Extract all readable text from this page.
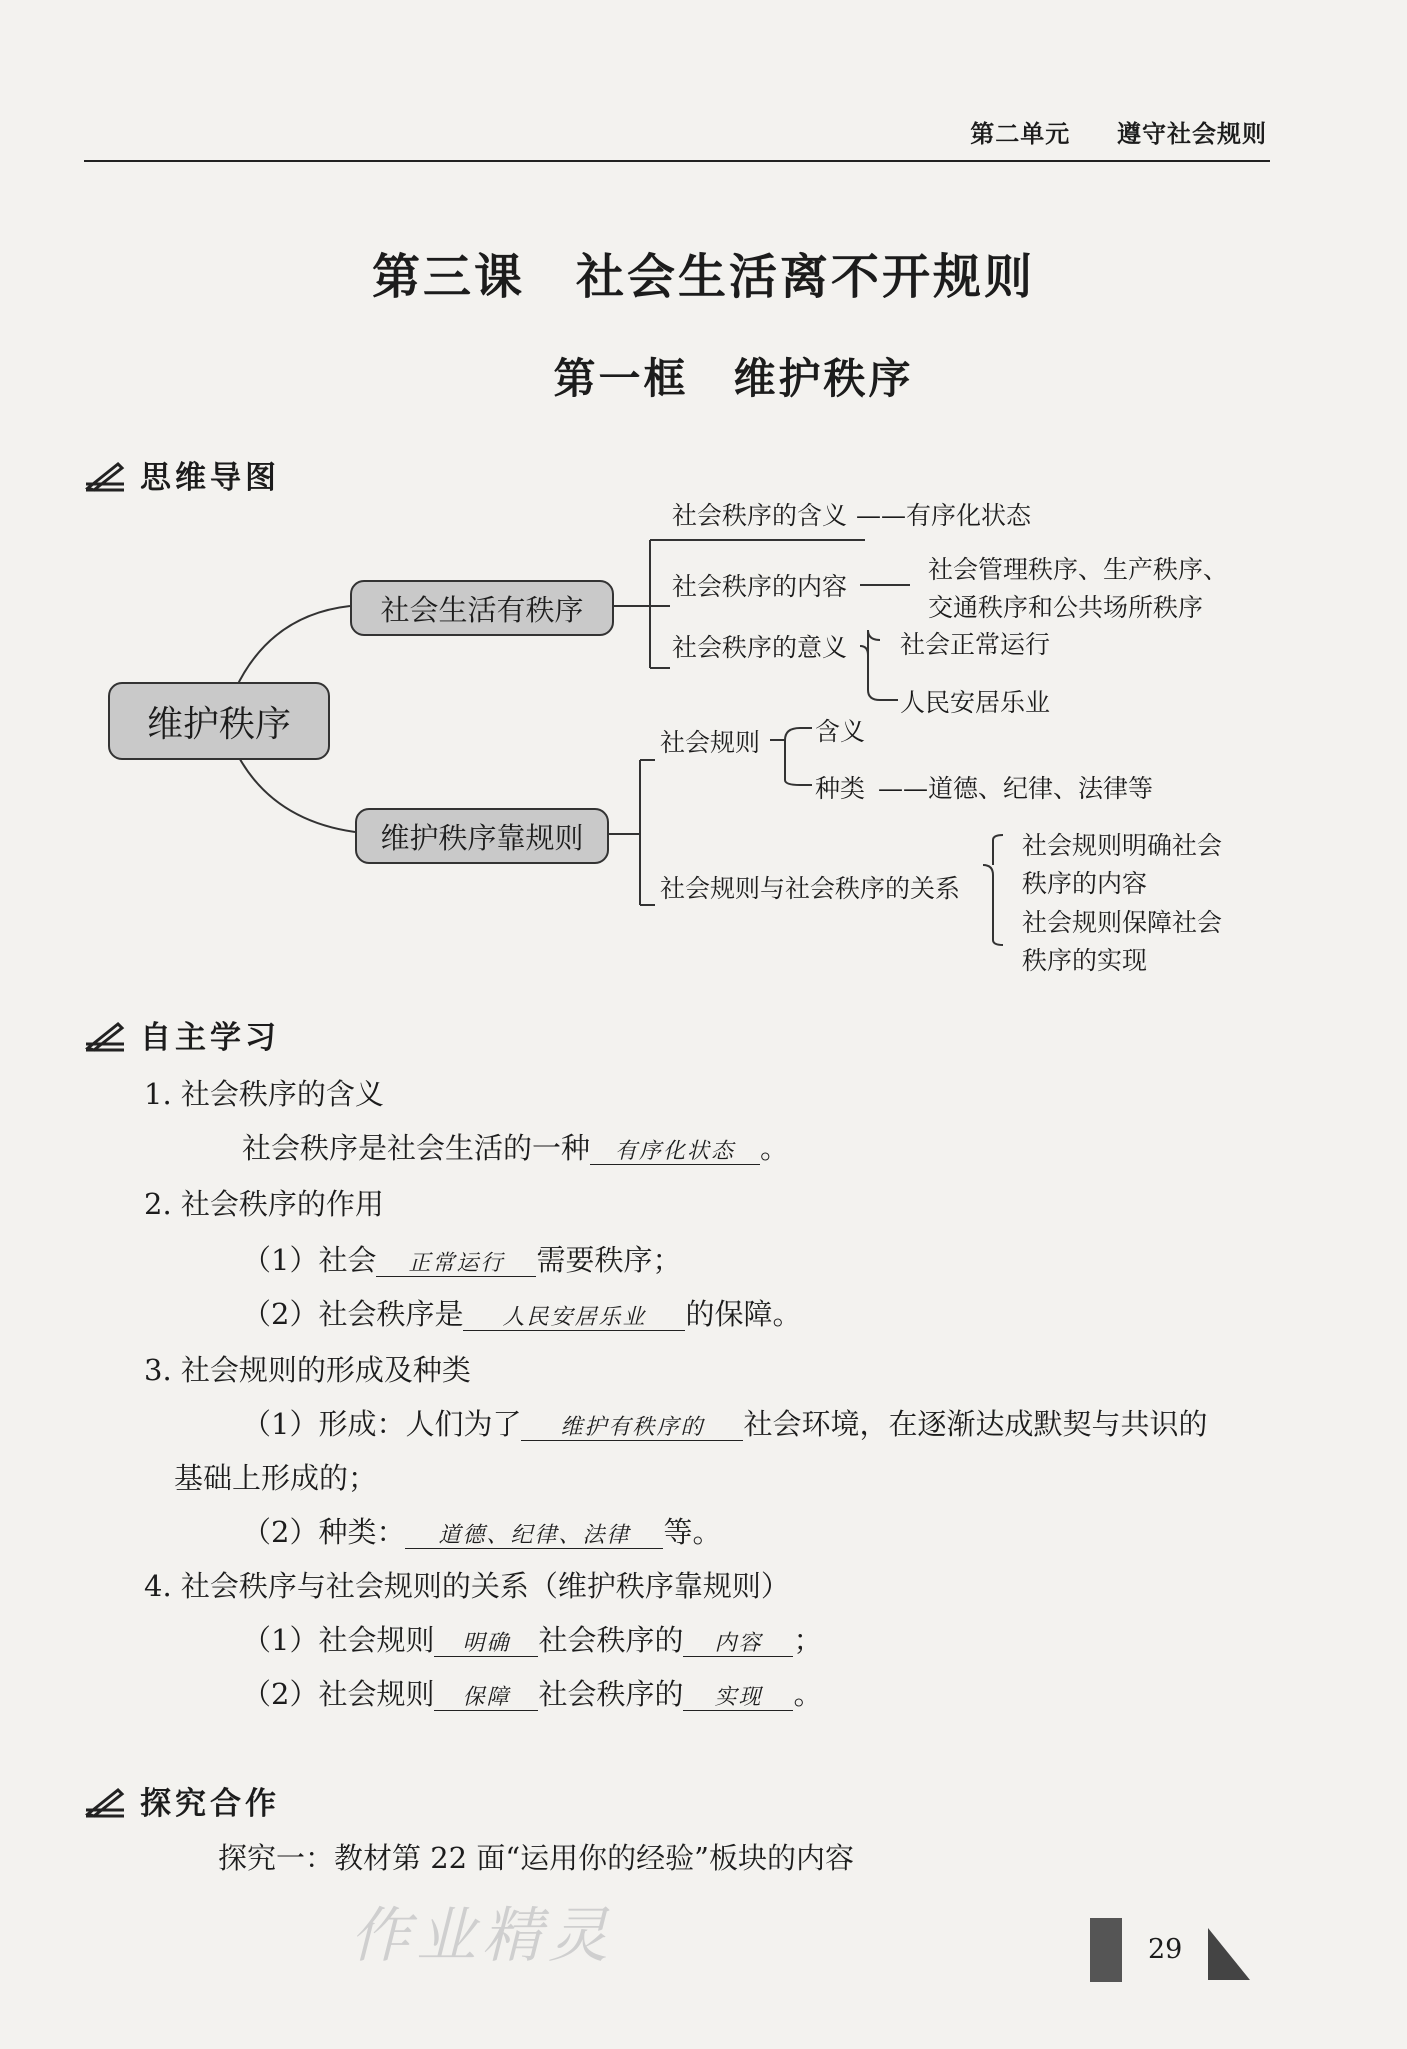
第二单元 遵守社会规则
第三课　社会生活离不开规则
第一框　维护秩序
思维导图
维护秩序
社会生活有秩序
维护秩序靠规则
社会秩序的含义 ——有序化状态
社会秩序的内容
社会管理秩序、生产秩序、
交通秩序和公共场所秩序
社会秩序的意义 社会正常运行
人民安居乐业
社会规则 含义
种类 ——道德、纪律、法律等
社会规则与社会秩序的关系
社会规则明确社会
秩序的内容
社会规则保障社会
秩序的实现
自主学习
1. 社会秩序的含义
社会秩序是社会生活的一种 有序化状态 。
2. 社会秩序的作用
（1）社会 正常运行 需要秩序；
（2）社会秩序是 人民安居乐业 的保障。
3. 社会规则的形成及种类
（1）形成：人们为了 维护有秩序的 社会环境，在逐渐达成默契与共识的
基础上形成的；
（2）种类： 道德、纪律、法律 等。
4. 社会秩序与社会规则的关系（维护秩序靠规则）
（1）社会规则 明确 社会秩序的 内容 ；
（2）社会规则 保障 社会秩序的 实现 。
探究合作
探究一：教材第 22 面“运用你的经验”板块的内容
作业精灵	29
